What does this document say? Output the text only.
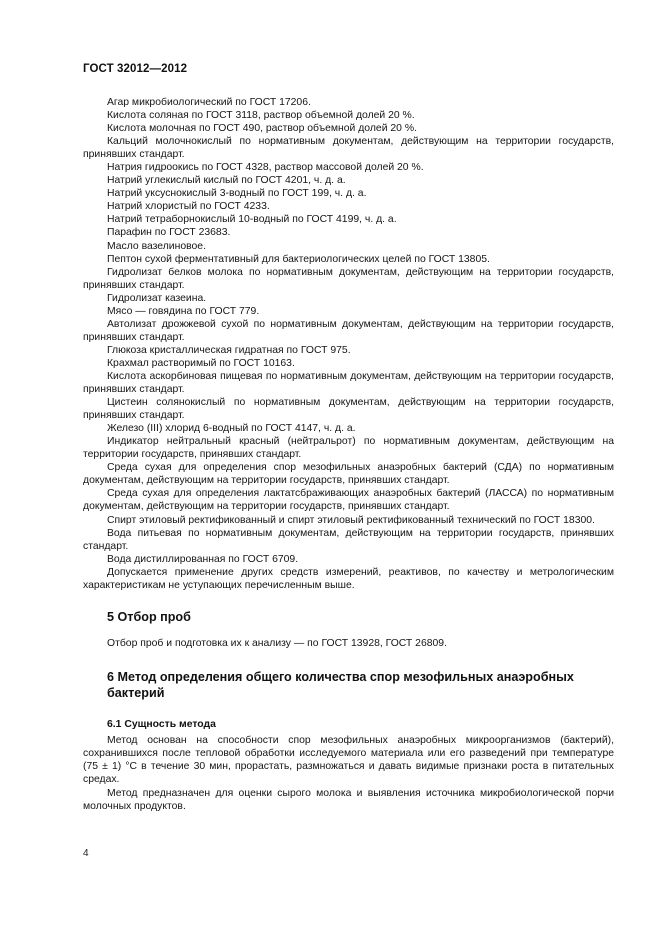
ГОСТ 32012—2012

Агар микробиологический по ГОСТ 17206.

Кислота соляная по ГОСТ 3118, раствор объемной долей 20 %.

Кислота молочная по ГОСТ 490, раствор объемной долей 20 %.

Кальций молочнокислый по нормативным документам, действующим на территории государств, принявших стандарт.

Натрия гидроокись по ГОСТ 4328, раствор массовой долей 20 %.

Натрий углекислый кислый по ГОСТ 4201, ч. д. а.

Натрий уксуснокислый 3-водный по ГОСТ 199, ч. д. а.

Натрий хлористый по ГОСТ 4233.

Натрий тетраборнокислый 10-водный по ГОСТ 4199, ч. д. а.

Парафин по ГОСТ 23683.

Масло вазелиновое.

Пептон сухой ферментативный для бактериологических целей по ГОСТ 13805.

Гидролизат белков молока по нормативным документам, действующим на территории государств, принявших стандарт.

Гидролизат казеина.

Мясо — говядина по ГОСТ 779.

Автолизат дрожжевой сухой по нормативным документам, действующим на территории государств, принявших стандарт.

Глюкоза кристаллическая гидратная по ГОСТ 975.

Крахмал растворимый по ГОСТ 10163.

Кислота аскорбиновая пищевая по нормативным документам, действующим на территории государств, принявших стандарт.

Цистеин солянокислый по нормативным документам, действующим на территории государств, принявших стандарт.

Железо (III) хлорид 6-водный по ГОСТ 4147, ч. д. а.

Индикатор нейтральный красный (нейтральрот) по нормативным документам, действующим на территории государств, принявших стандарт.

Среда сухая для определения спор мезофильных анаэробных бактерий (СДА) по нормативным документам, действующим на территории государств, принявших стандарт.

Среда сухая для определения лактатсбраживающих анаэробных бактерий (ЛАССА) по нормативным документам, действующим на территории государств, принявших стандарт.

Спирт этиловый ректификованный и спирт этиловый ректификованный технический по ГОСТ 18300.

Вода питьевая по нормативным документам, действующим на территории государств, принявших стандарт.

Вода дистиллированная по ГОСТ 6709.

Допускается применение других средств измерений, реактивов, по качеству и метрологическим характеристикам не уступающих перечисленным выше.

5 Отбор проб

Отбор проб и подготовка их к анализу — по ГОСТ 13928, ГОСТ 26809.

6 Метод определения общего количества спор мезофильных анаэробных бактерий
6.1 Сущность метода

Метод основан на способности спор мезофильных анаэробных микроорганизмов (бактерий), сохранившихся после тепловой обработки исследуемого материала или его разведений при температуре (75 ± 1) °С в течение 30 мин, прорастать, размножаться и давать видимые признаки роста в питательных средах.

Метод предназначен для оценки сырого молока и выявления источника микробиологической порчи молочных продуктов.

4
